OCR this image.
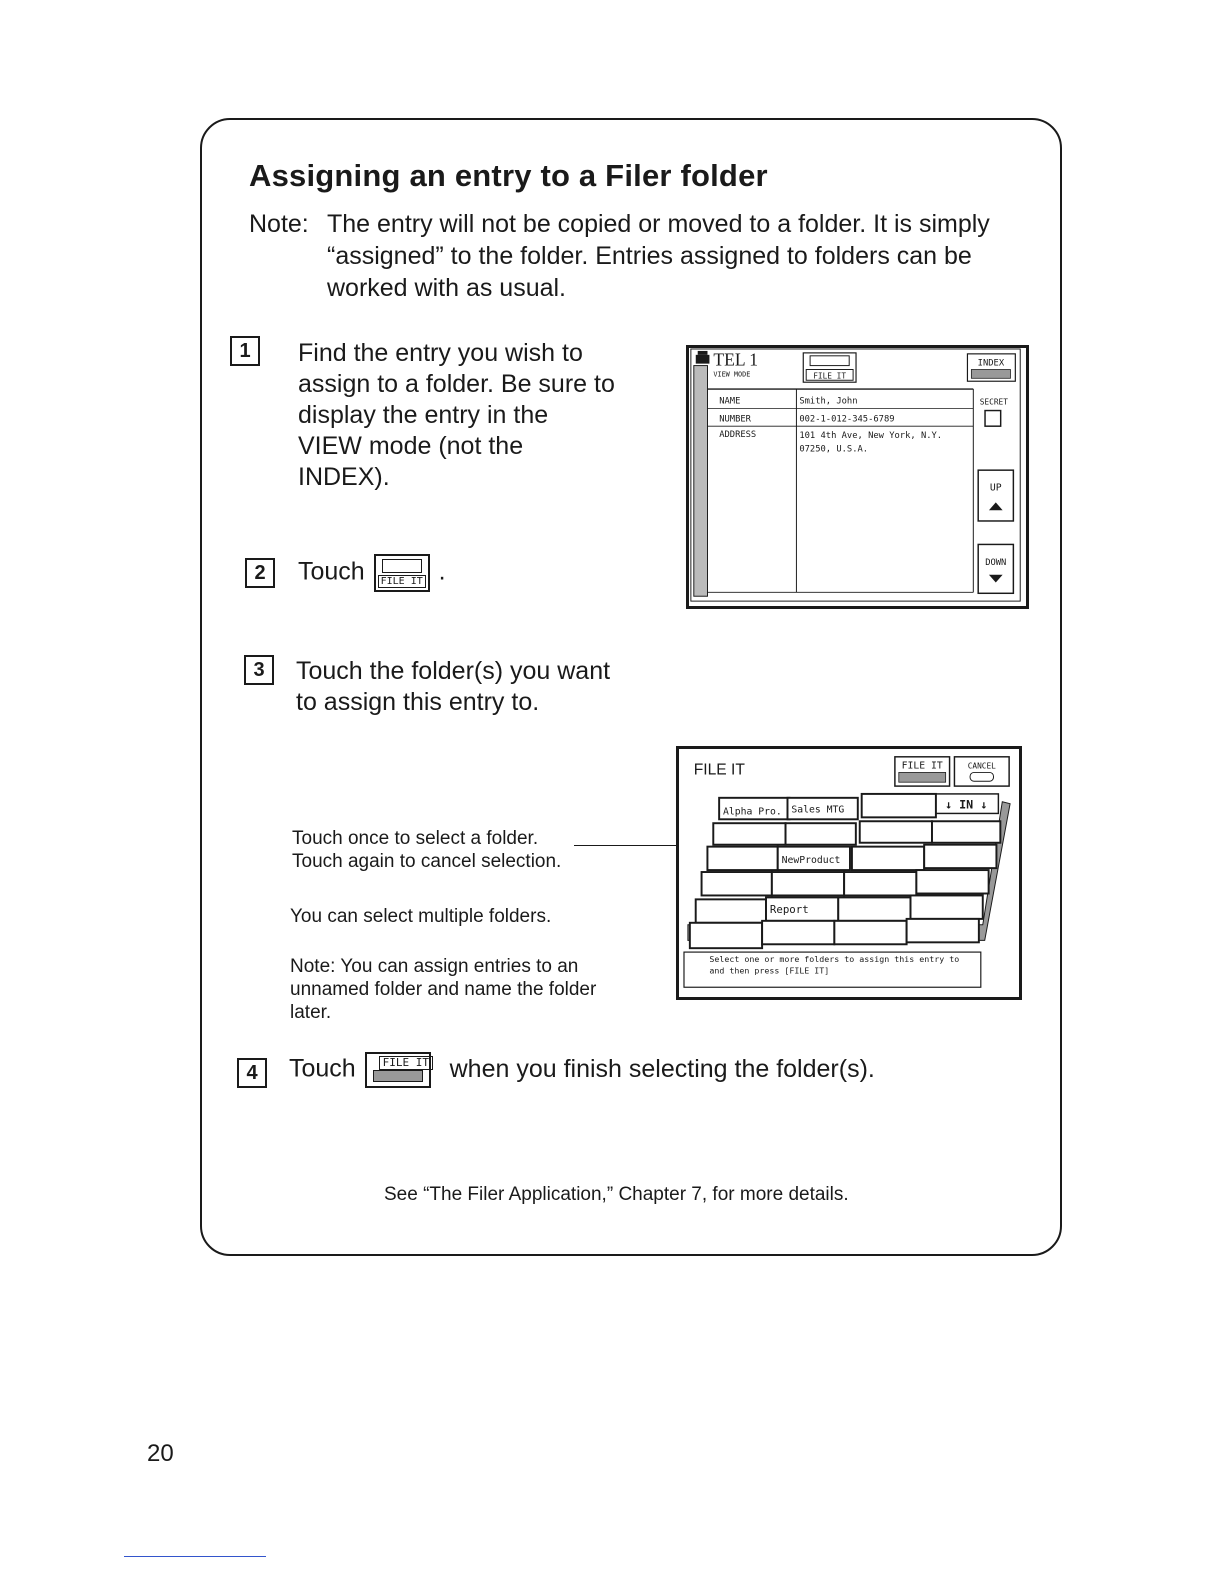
Assigning an entry to a Filer folder
Note: The entry will not be copied or moved to a folder. It is simply “assigned” to the folder. Entries assigned to folders can be worked with as usual.
1	Find the entry you wish to assign to a folder. Be sure to display the entry in the VIEW mode (not the INDEX).
TEL 1
VIEW MODE	FILE IT
INDEX
NAME	Smith, John
NUMBER	002-1-012-345-6789
ADDRESS	101 4th Ave, New York, N.Y.
07250, U.S.A.
SECRET
UP
DOWN
2	Touch FILE IT .
3	Touch the folder(s) you want to assign this entry to.
Touch once to select a folder.
Touch again to cancel selection.
You can select multiple folders.
Note: You can assign entries to an unnamed folder and name the folder later.
FILE IT	FILE IT	CANCEL
↓ IN ↓
Alpha Pro. Sales MTG
NewProduct
Report
Select one or more folders to assign this entry to and then press [FILE IT]
4	Touch	FILE IT when you finish selecting the folder(s).
See “The Filer Application,” Chapter 7, for more details.
20
